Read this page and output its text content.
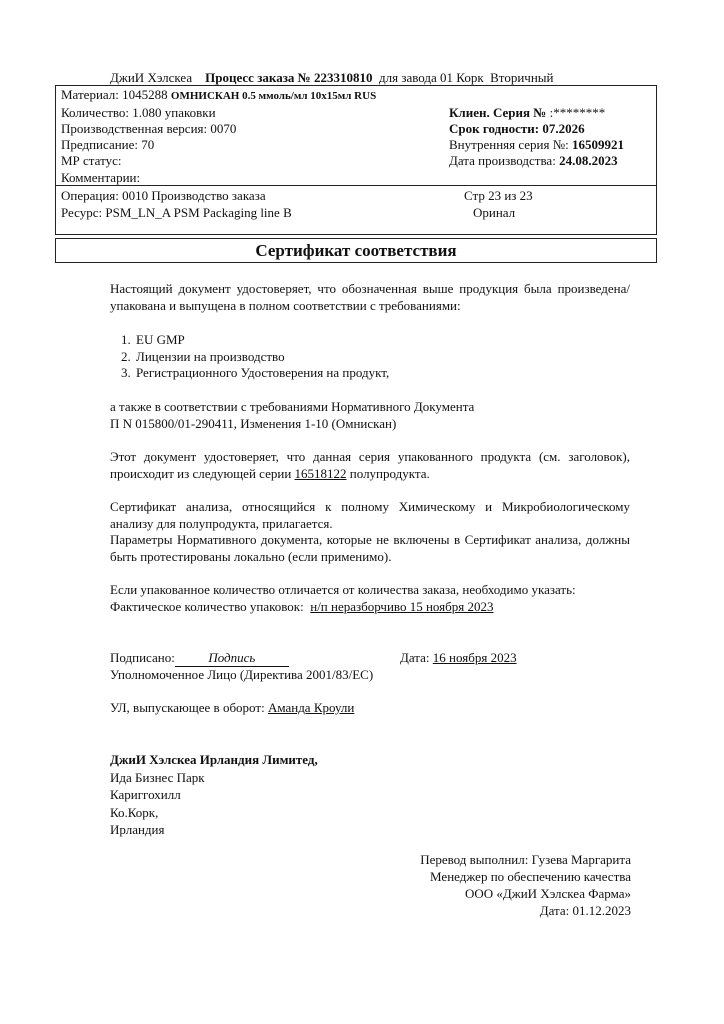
ДжиИ Хэлскеа Процесс заказа № 223310810 для завода 01 Корк Вторичный
Материал: 1045288 ОМНИСКАН 0.5 ммоль/мл 10x15мл RUS
Количество: 1.080 упаковки
Производственная версия: 0070
Предписание: 70
МР статус:
Комментарии:
Клиен. Серия № :********
Срок годности: 07.2026
Внутренняя серия №: 16509921
Дата производства: 24.08.2023
Операция: 0010 Производство заказа
Ресурс: PSM_LN_A PSM Packaging line B
Стр 23 из 23
Оринал
Сертификат соответствия
Настоящий документ удостоверяет, что обозначенная выше продукция была произведена/ упакована и выпущена в полном соответствии с требованиями:
1. EU GMP
2. Лицензии на производство
3. Регистрационного Удостоверения на продукт,
а также в соответствии с требованиями Нормативного Документа
П N 015800/01-290411, Изменения 1-10 (Омнискан)
Этот документ удостоверяет, что данная серия упакованного продукта (см. заголовок), происходит из следующей серии 16518122 полупродукта.
Сертификат анализа, относящийся к полному Химическому и Микробиологическому анализу для полупродукта, прилагается.
Параметры Нормативного документа, которые не включены в Сертификат анализа, должны быть протестированы локально (если применимо).
Если упакованное количество отличается от количества заказа, необходимо указать:
Фактическое количество упаковок: н/п неразборчиво 15 ноября 2023
Подписано:	Подпись	Дата: 16 ноября 2023
Уполномоченное Лицо (Директива 2001/83/EC)
УЛ, выпускающее в оборот: Аманда Кроули
ДжиИ Хэлскеа Ирландия Лимитед,
Ида Бизнес Парк
Кариггохилл
Ко.Корк,
Ирландия
Перевод выполнил: Гузева Маргарита
Менеджер по обеспечению качества
ООО «ДжиИ Хэлскеа Фарма»
Дата: 01.12.2023
